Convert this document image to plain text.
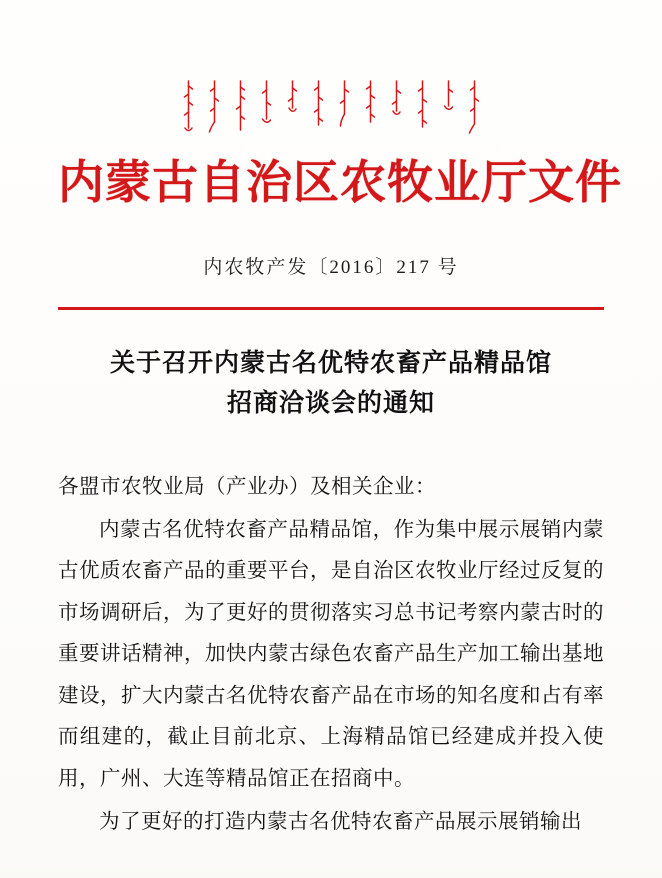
内蒙古自治区农牧业厅文件
内农牧产发〔2016〕217 号
关于召开内蒙古名优特农畜产品精品馆
招商洽谈会的通知

各盟市农牧业局（产业办）及相关企业：

内蒙古名优特农畜产品精品馆，作为集中展示展销内蒙古优质农畜产品的重要平台，是自治区农牧业厅经过反复的市场调研后，为了更好的贯彻落实习总书记考察内蒙古时的重要讲话精神，加快内蒙古绿色农畜产品生产加工输出基地建设，扩大内蒙古名优特农畜产品在市场的知名度和占有率而组建的，截止目前北京、上海精品馆已经建成并投入使用，广州、大连等精品馆正在招商中。

为了更好的打造内蒙古名优特农畜产品展示展销输出
